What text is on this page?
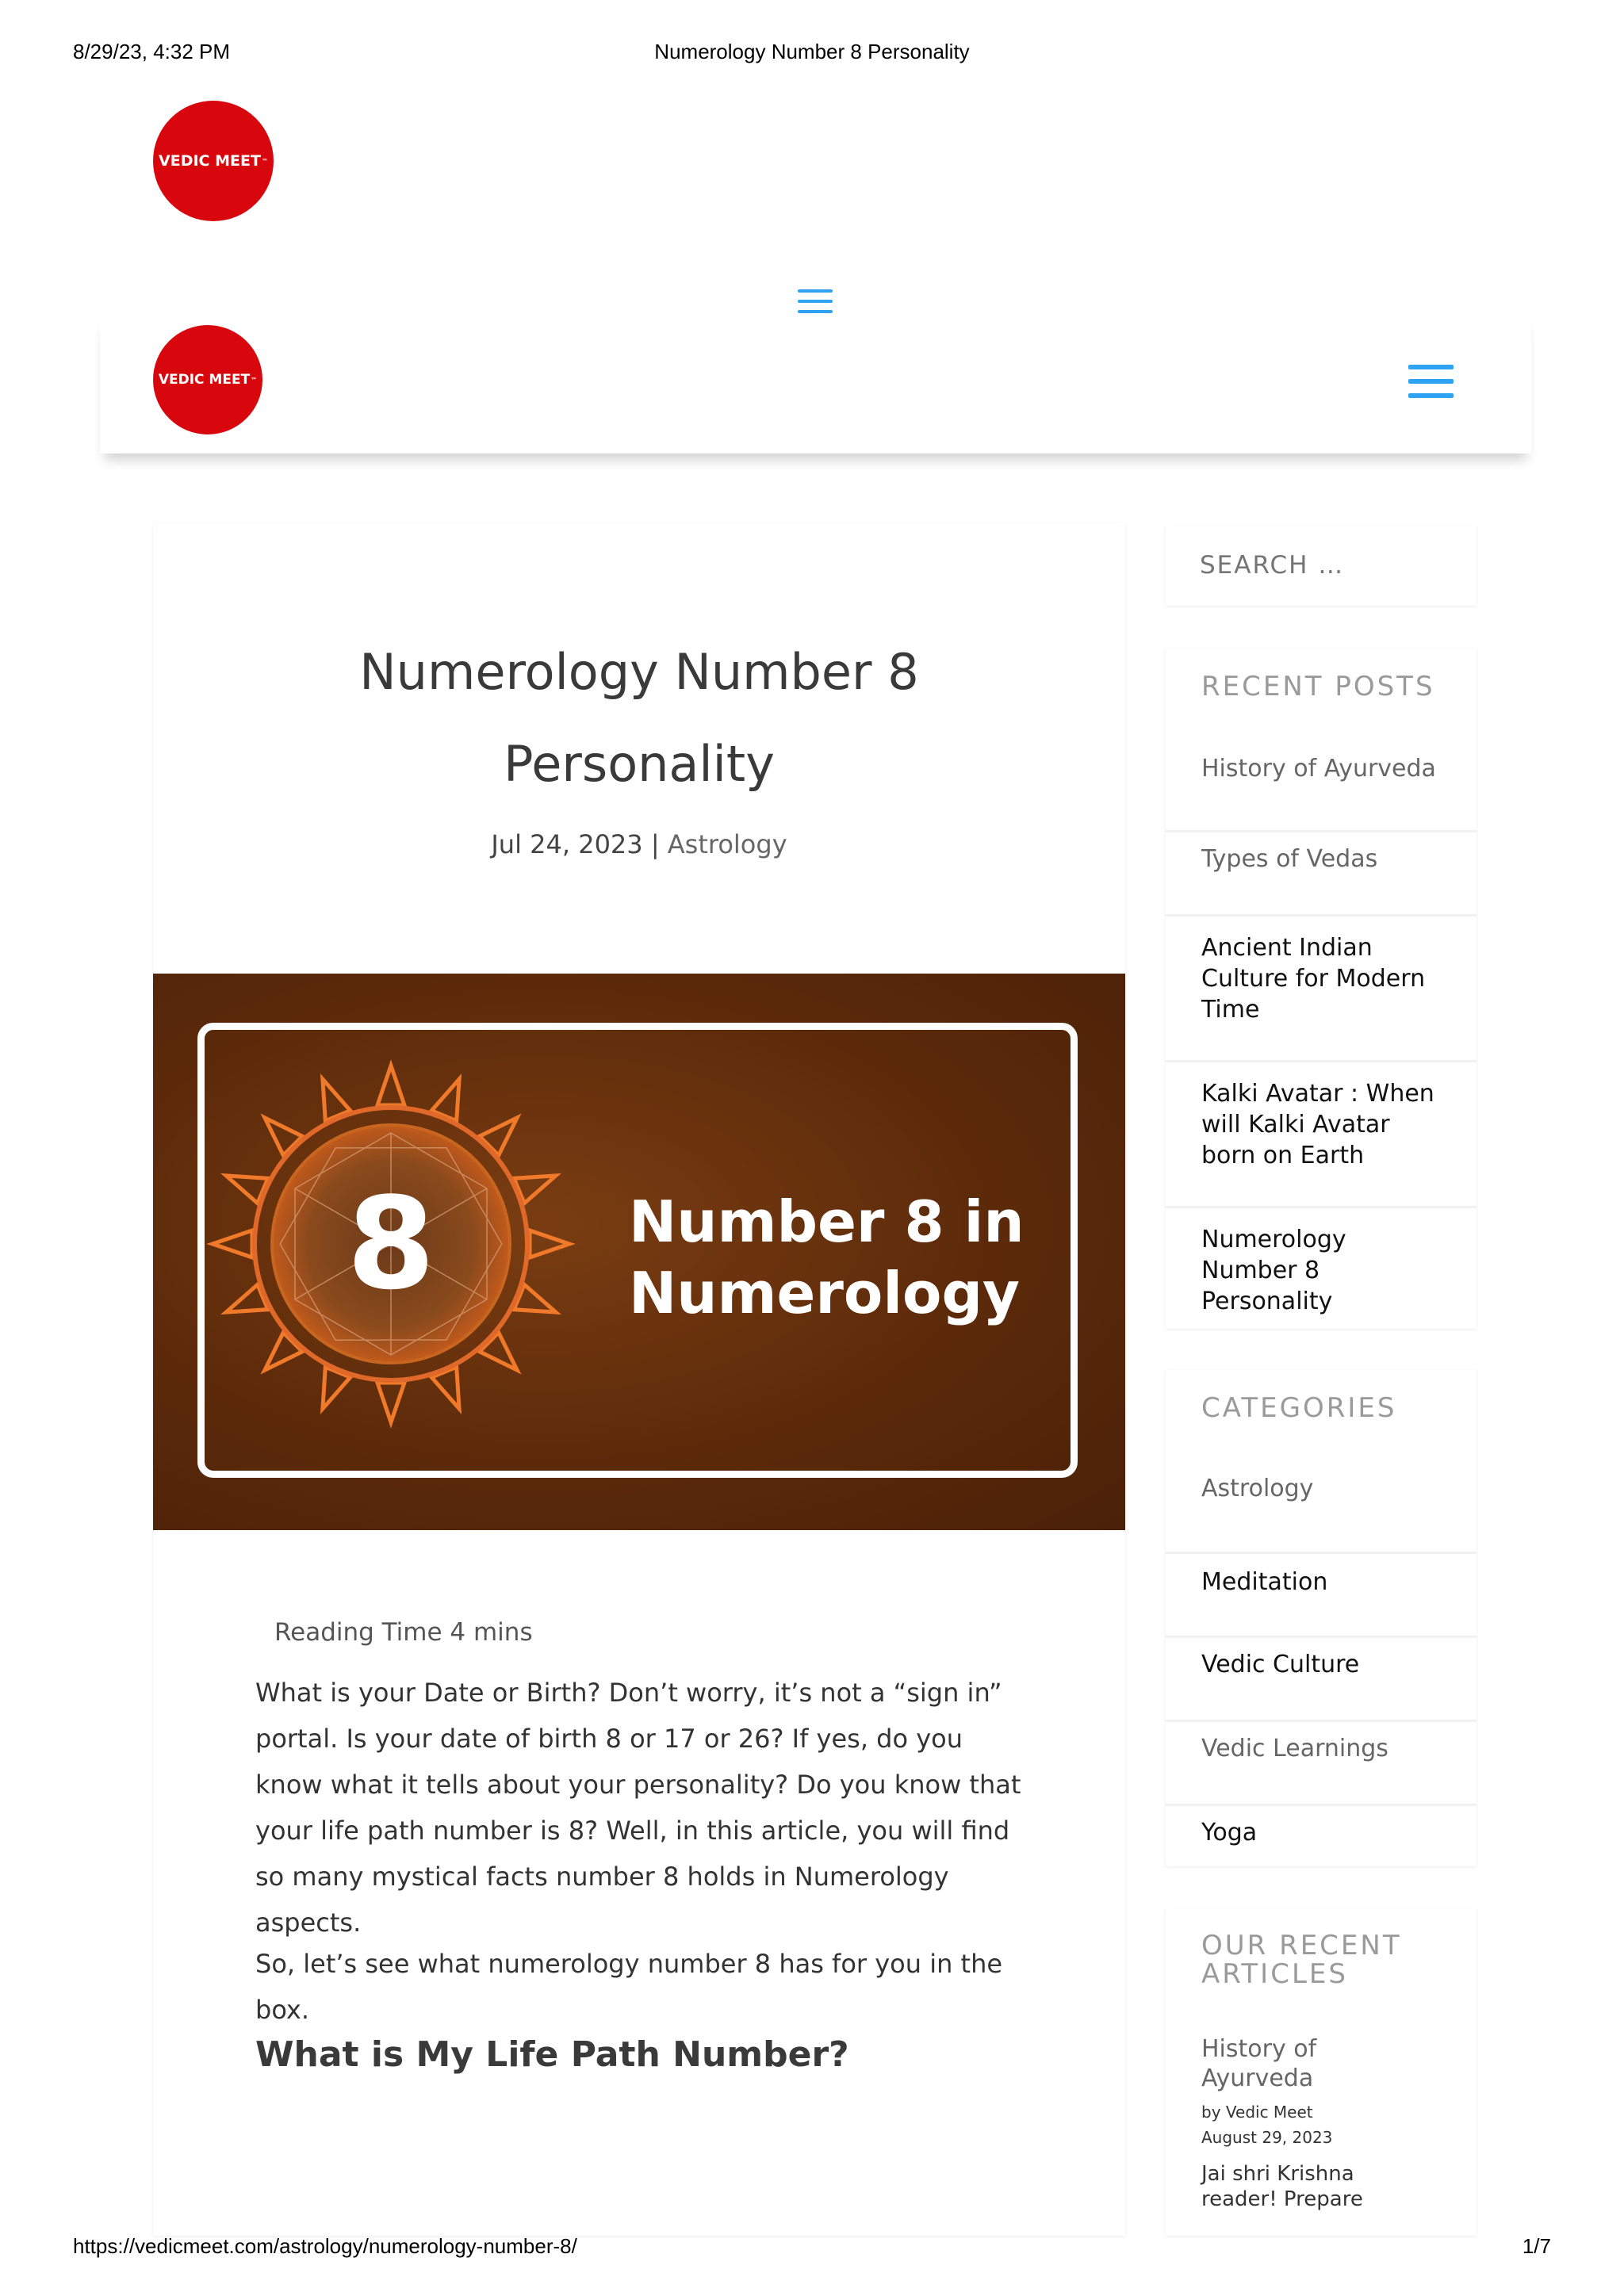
8/29/23, 4:32 PM	Numerology Number 8 Personality
VEDIC MEET ™
VEDIC MEET ™
Numerology Number 8
Personality
Jul 24, 2023 | Astrology
8	Number 8 in
Numerology
Reading Time 4 mins
What is your Date or Birth? Don’t worry, it’s not a “sign in” portal. Is your date of birth 8 or 17 or 26? If yes, do you know what it tells about your personality? Do you know that your life path number is 8? Well, in this article, you will find so many mystical facts number 8 holds in Numerology aspects.
So, let’s see what numerology number 8 has for you in the box.
What is My Life Path Number?
SEARCH …
RECENT POSTS
History of Ayurveda
Types of Vedas
Ancient Indian Culture for Modern Time
Kalki Avatar : When will Kalki Avatar born on Earth
Numerology Number 8 Personality
CATEGORIES
Astrology
Meditation
Vedic Culture
Vedic Learnings
Yoga
OUR RECENT ARTICLES
History of Ayurveda
by Vedic Meet
August 29, 2023
Jai shri Krishna reader! Prepare
https://vedicmeet.com/astrology/numerology-number-8/	1/7
